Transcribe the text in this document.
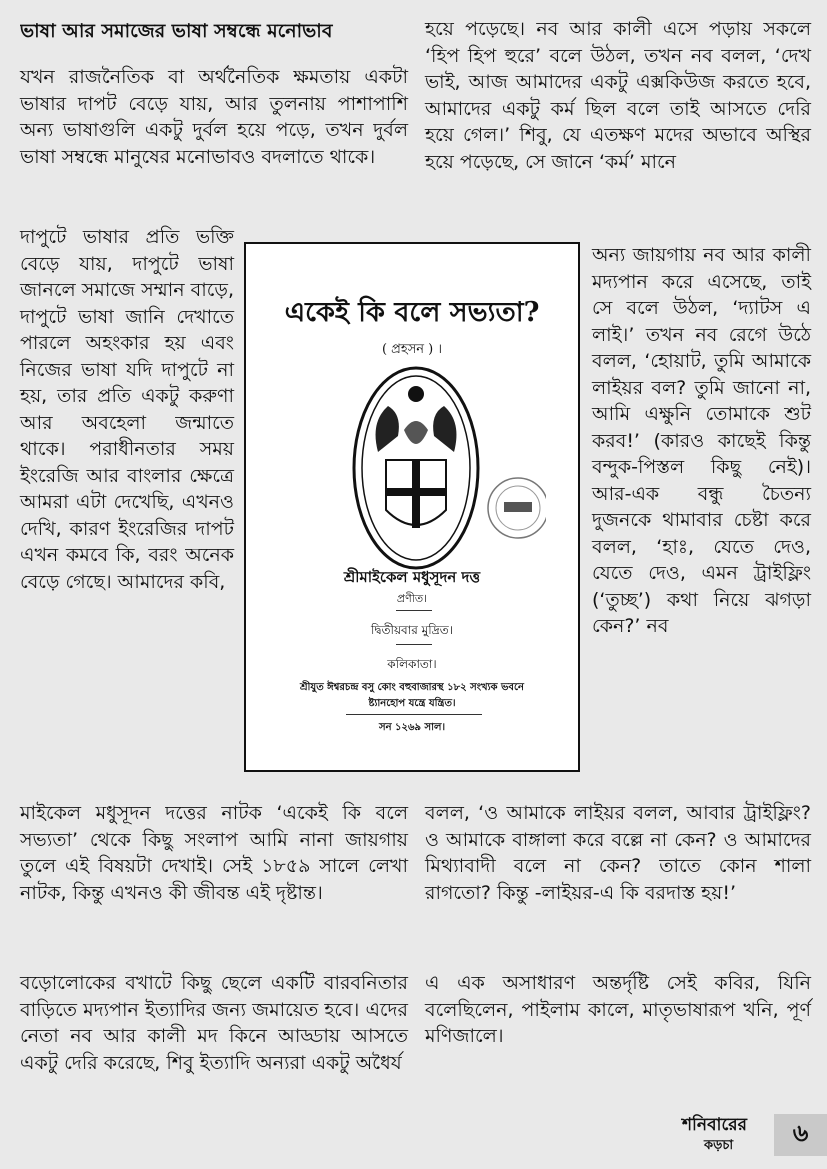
ভাষা আর সমাজের ভাষা সম্বন্ধে মনোভাব

যখন রাজনৈতিক বা অর্থনৈতিক ক্ষমতায় একটা ভাষার দাপট বেড়ে যায়, আর তুলনায় পাশাপাশি অন্য ভাষাগুলি একটু দুর্বল হয়ে পড়ে, তখন দুর্বল ভাষা সম্বন্ধে মানুষের মনোভাবও বদলাতে থাকে।

দাপুটে ভাষার প্রতি ভক্তি বেড়ে যায়, দাপুটে ভাষা জানলে সমাজে সম্মান বাড়ে, দাপুটে ভাষা জানি দেখাতে পারলে অহংকার হয় এবং নিজের ভাষা যদি দাপুটে না হয়, তার প্রতি একটু করুণা আর অবহেলা জন্মাতে থাকে। পরাধীনতার সময় ইংরেজি আর বাংলার ক্ষেত্রে আমরা এটা দেখেছি, এখনও দেখি, কারণ ইংরেজির দাপট এখন কমবে কি, বরং অনেক বেড়ে গেছে। আমাদের কবি,

মাইকেল মধুসূদন দত্তের নাটক ‘একেই কি বলে সভ্যতা’ থেকে কিছু সংলাপ আমি নানা জায়গায় তুলে এই বিষয়টা দেখাই। সেই ১৮৫৯ সালে লেখা নাটক, কিন্তু এখনও কী জীবন্ত এই দৃষ্টান্ত।

বড়োলোকের বখাটে কিছু ছেলে একটি বারবনিতার বাড়িতে মদ্যপান ইত্যাদির জন্য জমায়েত হবে। এদের নেতা নব আর কালী মদ কিনে আড্ডায় আসতে একটু দেরি করেছে, শিবু ইত্যাদি অন্যরা একটু অধৈর্য

হয়ে পড়েছে। নব আর কালী এসে পড়ায় সকলে ‘হিপ হিপ হুরে’ বলে উঠল, তখন নব বলল, ‘দেখ ভাই, আজ আমাদের একটু এক্সকিউজ করতে হবে, আমাদের একটু কর্ম ছিল বলে তাই আসতে দেরি হয়ে গেল।’ শিবু, যে এতক্ষণ মদের অভাবে অস্থির হয়ে পড়েছে, সে জানে ‘কর্ম’ মানে

অন্য জায়গায় নব আর কালী মদ্যপান করে এসেছে, তাই সে বলে উঠল, ‘দ্যাটস এ লাই।’ তখন নব রেগে উঠে বলল, ‘হোয়াট, তুমি আমাকে লাইয়র বল? তুমি জানো না, আমি এক্ষুনি তোমাকে শুট করব!’ (কারও কাছেই কিন্তু বন্দুক-পিস্তল কিছু নেই)। আর-এক বন্ধু চৈতন্য দুজনকে থামাবার চেষ্টা করে বলল, ‘হাঃ, যেতে দেও, যেতে দেও, এমন ট্রাইফ্লিং (‘তুচ্ছ’) কথা নিয়ে ঝগড়া কেন?’ নব

বলল, ‘ও আমাকে লাইয়র বলল, আবার ট্রাইফ্লিং? ও আমাকে বাঙ্গালা করে বল্লে না কেন? ও আমাদের মিথ্যাবাদী বলে না কেন? তাতে কোন শালা রাগতো? কিন্তু -লাইয়র-এ কি বরদাস্ত হয়!’

এ এক অসাধারণ অন্তর্দৃষ্টি সেই কবির, যিনি বলেছিলেন, পাইলাম কালে, মাতৃভাষারূপ খনি, পূর্ণ মণিজালে।

একেই কি বলে সভ্যতা?
( প্রহসন ) ।
শ্রীমাইকেল মধুসূদন দত্ত
প্রণীত।
দ্বিতীয়বার মুদ্রিত।
কলিকাতা।
শ্রীযুত ঈশ্বরচন্দ্র বসু কোং বহুবাজারস্থ ১৮২ সংখ্যক ভবনে
ষ্ট্যানহোপ যন্ত্রে যন্ত্রিত।
সন ১২৬৯ সাল।
শনিবারের
কড়চা	৬
